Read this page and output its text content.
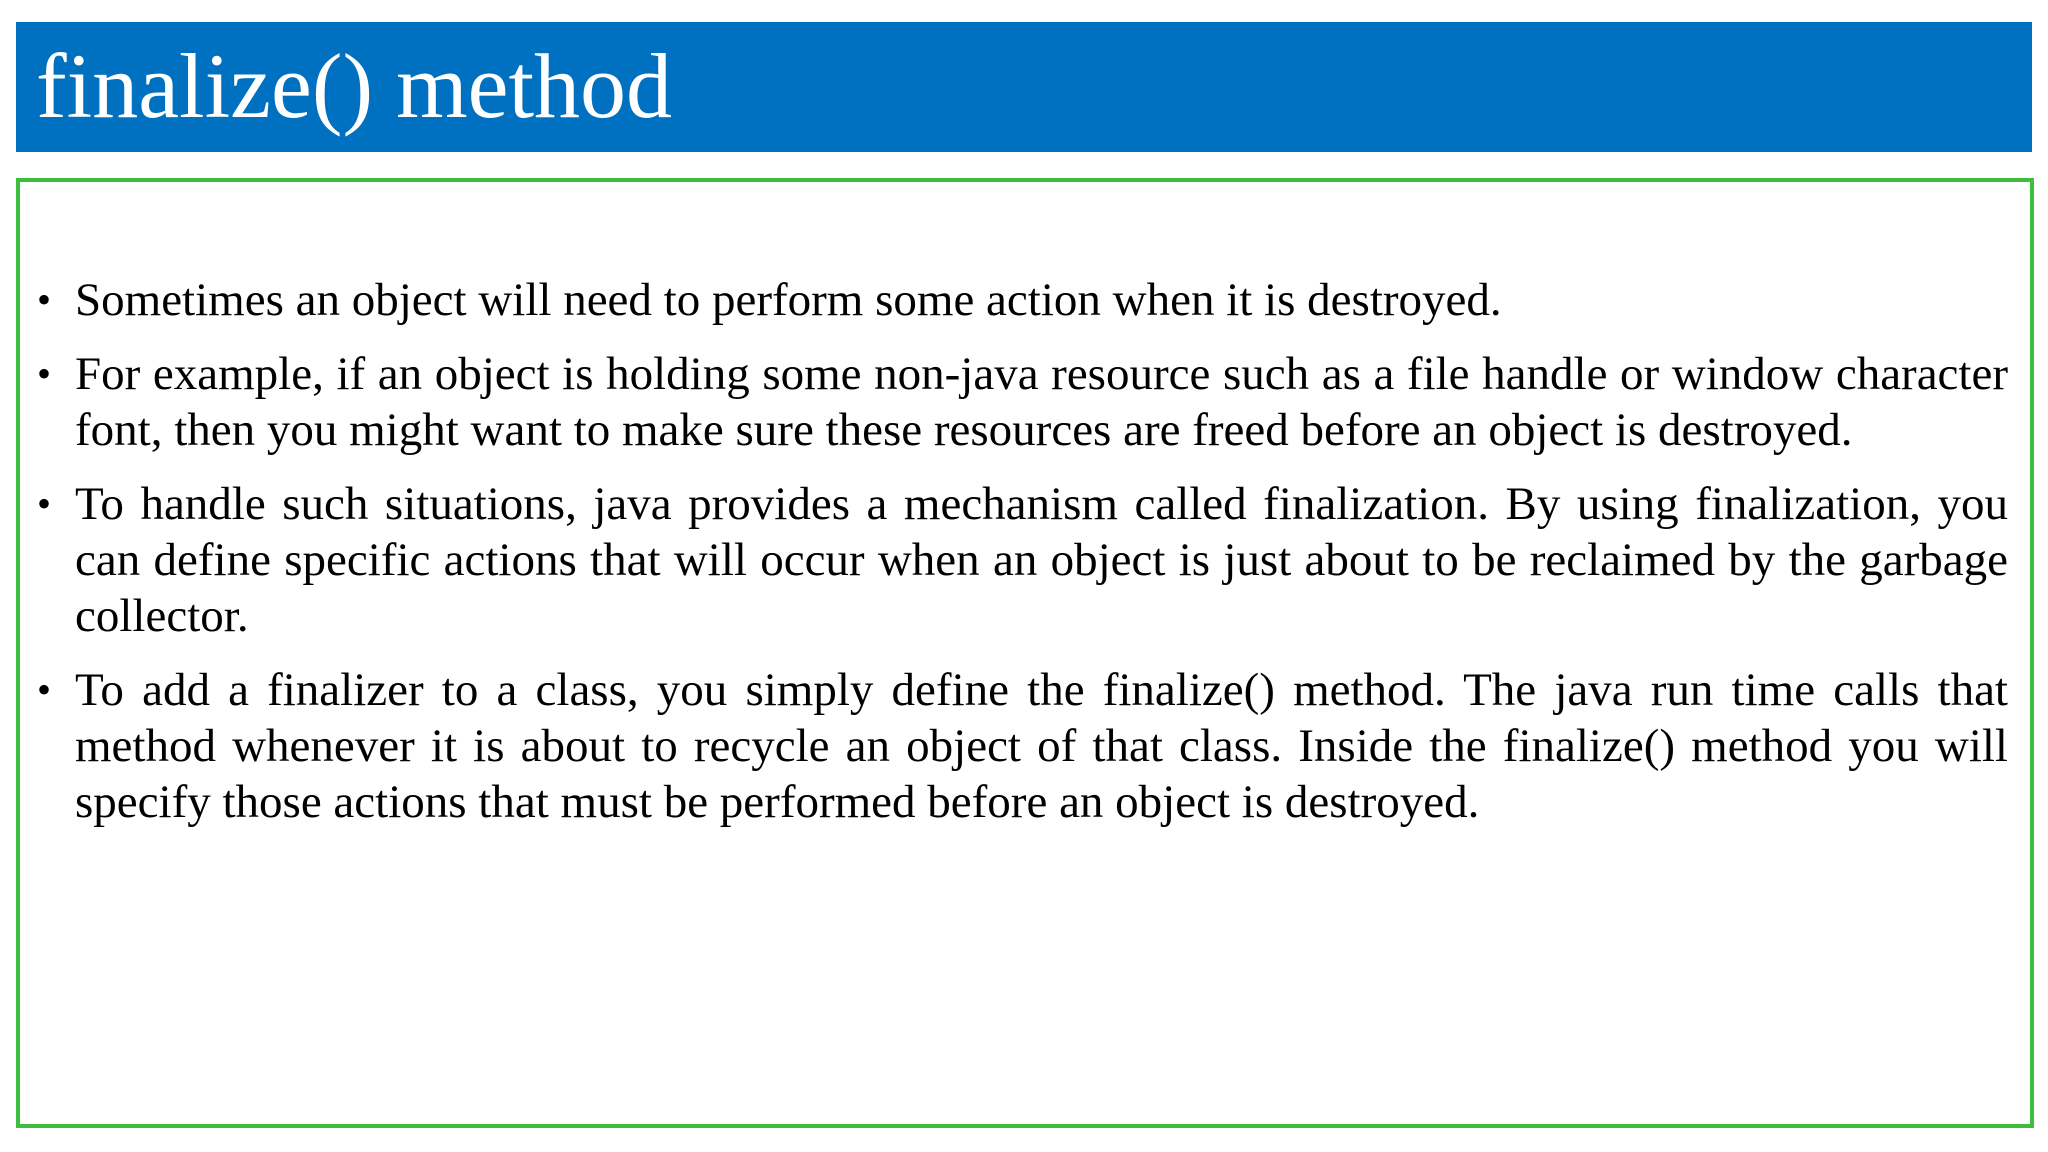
finalize() method
• Sometimes an object will need to perform some action when it is destroyed.
• For example, if an object is holding some non-java resource such as a file handle or window character font, then you might want to make sure these resources are freed before an object is destroyed.
• To handle such situations, java provides a mechanism called finalization. By using finalization, you can define specific actions that will occur when an object is just about to be reclaimed by the garbage collector.
• To add a finalizer to a class, you simply define the finalize() method. The java run time calls that method whenever it is about to recycle an object of that class. Inside the finalize() method you will specify those actions that must be performed before an object is destroyed.
